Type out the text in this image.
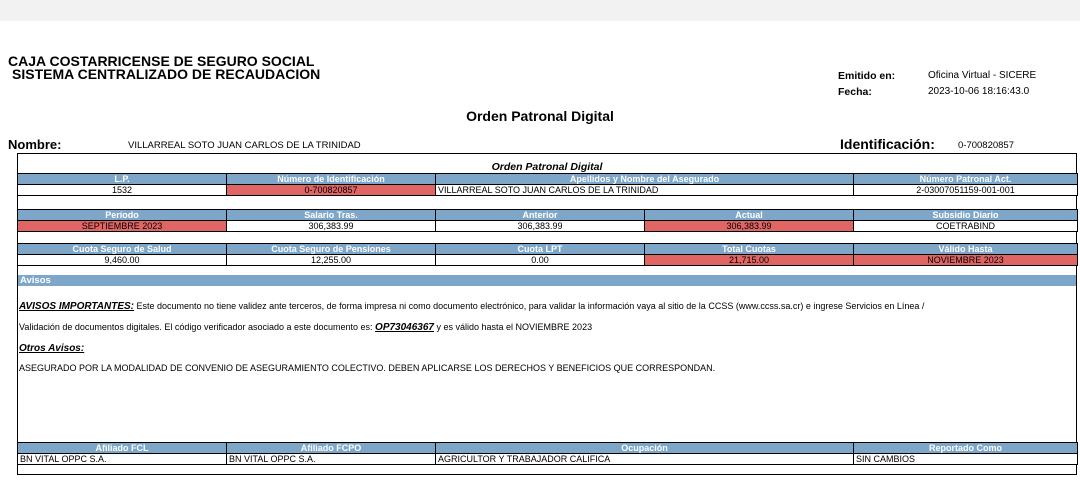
CAJA COSTARRICENSE DE SEGURO SOCIAL
SISTEMA CENTRALIZADO DE RECAUDACION	Emitido en:	Oficina Virtual - SICERE
Fecha:	2023-10-06 18:16:43.0
Orden Patronal Digital
Nombre:	VILLARREAL SOTO JUAN CARLOS DE LA TRINIDAD	Identificación: 0-700820857
Orden Patronal Digital
L.P.	Número de Identificación	Apellidos y Nombre del Asegurado	Número Patronal Act.
1532	0-700820857	VILLARREAL SOTO JUAN CARLOS DE LA TRINIDAD	2-03007051159-001-001
Período	Salario Tras.	Anterior	Actual	Subsidio Diario
SEPTIEMBRE 2023	306,383.99	306,383.99	306,383.99	COETRABIND
Cuota Seguro de Salud	Cuota Seguro de Pensiones	Cuota LPT	Total Cuotas	Válido Hasta
9,460.00	12,255.00	0.00	21,715.00	NOVIEMBRE 2023
Avisos
AVISOS IMPORTANTES: Este documento no tiene validez ante terceros, de forma impresa ni como documento electrónico, para validar la información vaya al sitio de la CCSS (www.ccss.sa.cr) e ingrese Servicios en Línea /
Validación de documentos digitales. El código verificador asociado a este documento es: OP73046367 y es válido hasta el NOVIEMBRE 2023
Otros Avisos:
ASEGURADO POR LA MODALIDAD DE CONVENIO DE ASEGURAMIENTO COLECTIVO. DEBEN APLICARSE LOS DERECHOS Y BENEFICIOS QUE CORRESPONDAN.
Afiliado FCL	Afiliado FCPO	Ocupación	Reportado Como
BN VITAL OPPC S.A.	BN VITAL OPPC S.A.	AGRICULTOR Y TRABAJADOR CALIFICA	SIN CAMBIOS
